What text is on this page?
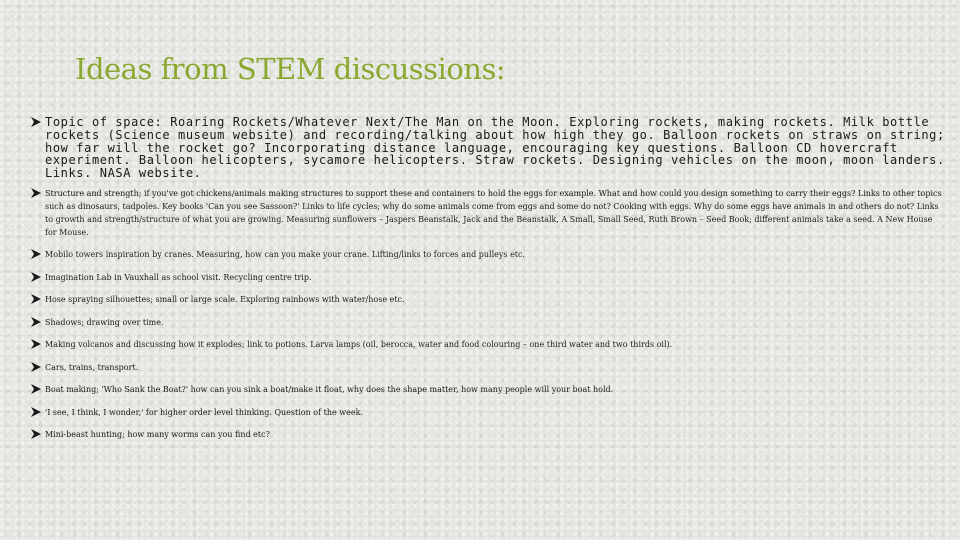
Ideas from STEM discussions:
Topic of space: Roaring Rockets/Whatever Next/The Man on the Moon. Exploring rockets, making rockets. Milk bottle rockets (Science museum website) and recording/talking about how high they go. Balloon rockets on straws on string; how far will the rocket go? Incorporating distance language, encouraging key questions. Balloon CD hovercraft experiment. Balloon helicopters, sycamore helicopters. Straw rockets. Designing vehicles on the moon, moon landers. Links. NASA website.
Structure and strength; if you've got chickens/animals making structures to support these and containers to hold the eggs for example. What and how could you design something to carry their eggs? Links to other topics such as dinosaurs, tadpoles. Key books 'Can you see Sassoon?' Links to life cycles; why do some animals come from eggs and some do not? Cooking with eggs. Why do some eggs have animals in and others do not? Links to growth and strength/structure of what you are growing. Measuring sunflowers – Jaspers Beanstalk, Jack and the Beanstalk, A Small, Small Seed, Ruth Brown – Seed Book; different animals take a seed. A New House for Mouse.
Mobilo towers inspiration by cranes. Measuring, how can you make your crane. Lifting/links to forces and pulleys etc.
Imagination Lab in Vauxhall as school visit. Recycling centre trip.
Hose spraying silhouettes; small or large scale. Exploring rainbows with water/hose etc.
Shadows; drawing over time.
Making volcanos and discussing how it explodes; link to potions. Larva lamps (oil, berocca, water and food colouring – one third water and two thirds oil).
Cars, trains, transport.
Boat making; 'Who Sank the Boat?' how can you sink a boat/make it float, why does the shape matter, how many people will your boat hold.
'I see, I think, I wonder,' for higher order level thinking. Question of the week.
Mini-beast hunting; how many worms can you find etc?
